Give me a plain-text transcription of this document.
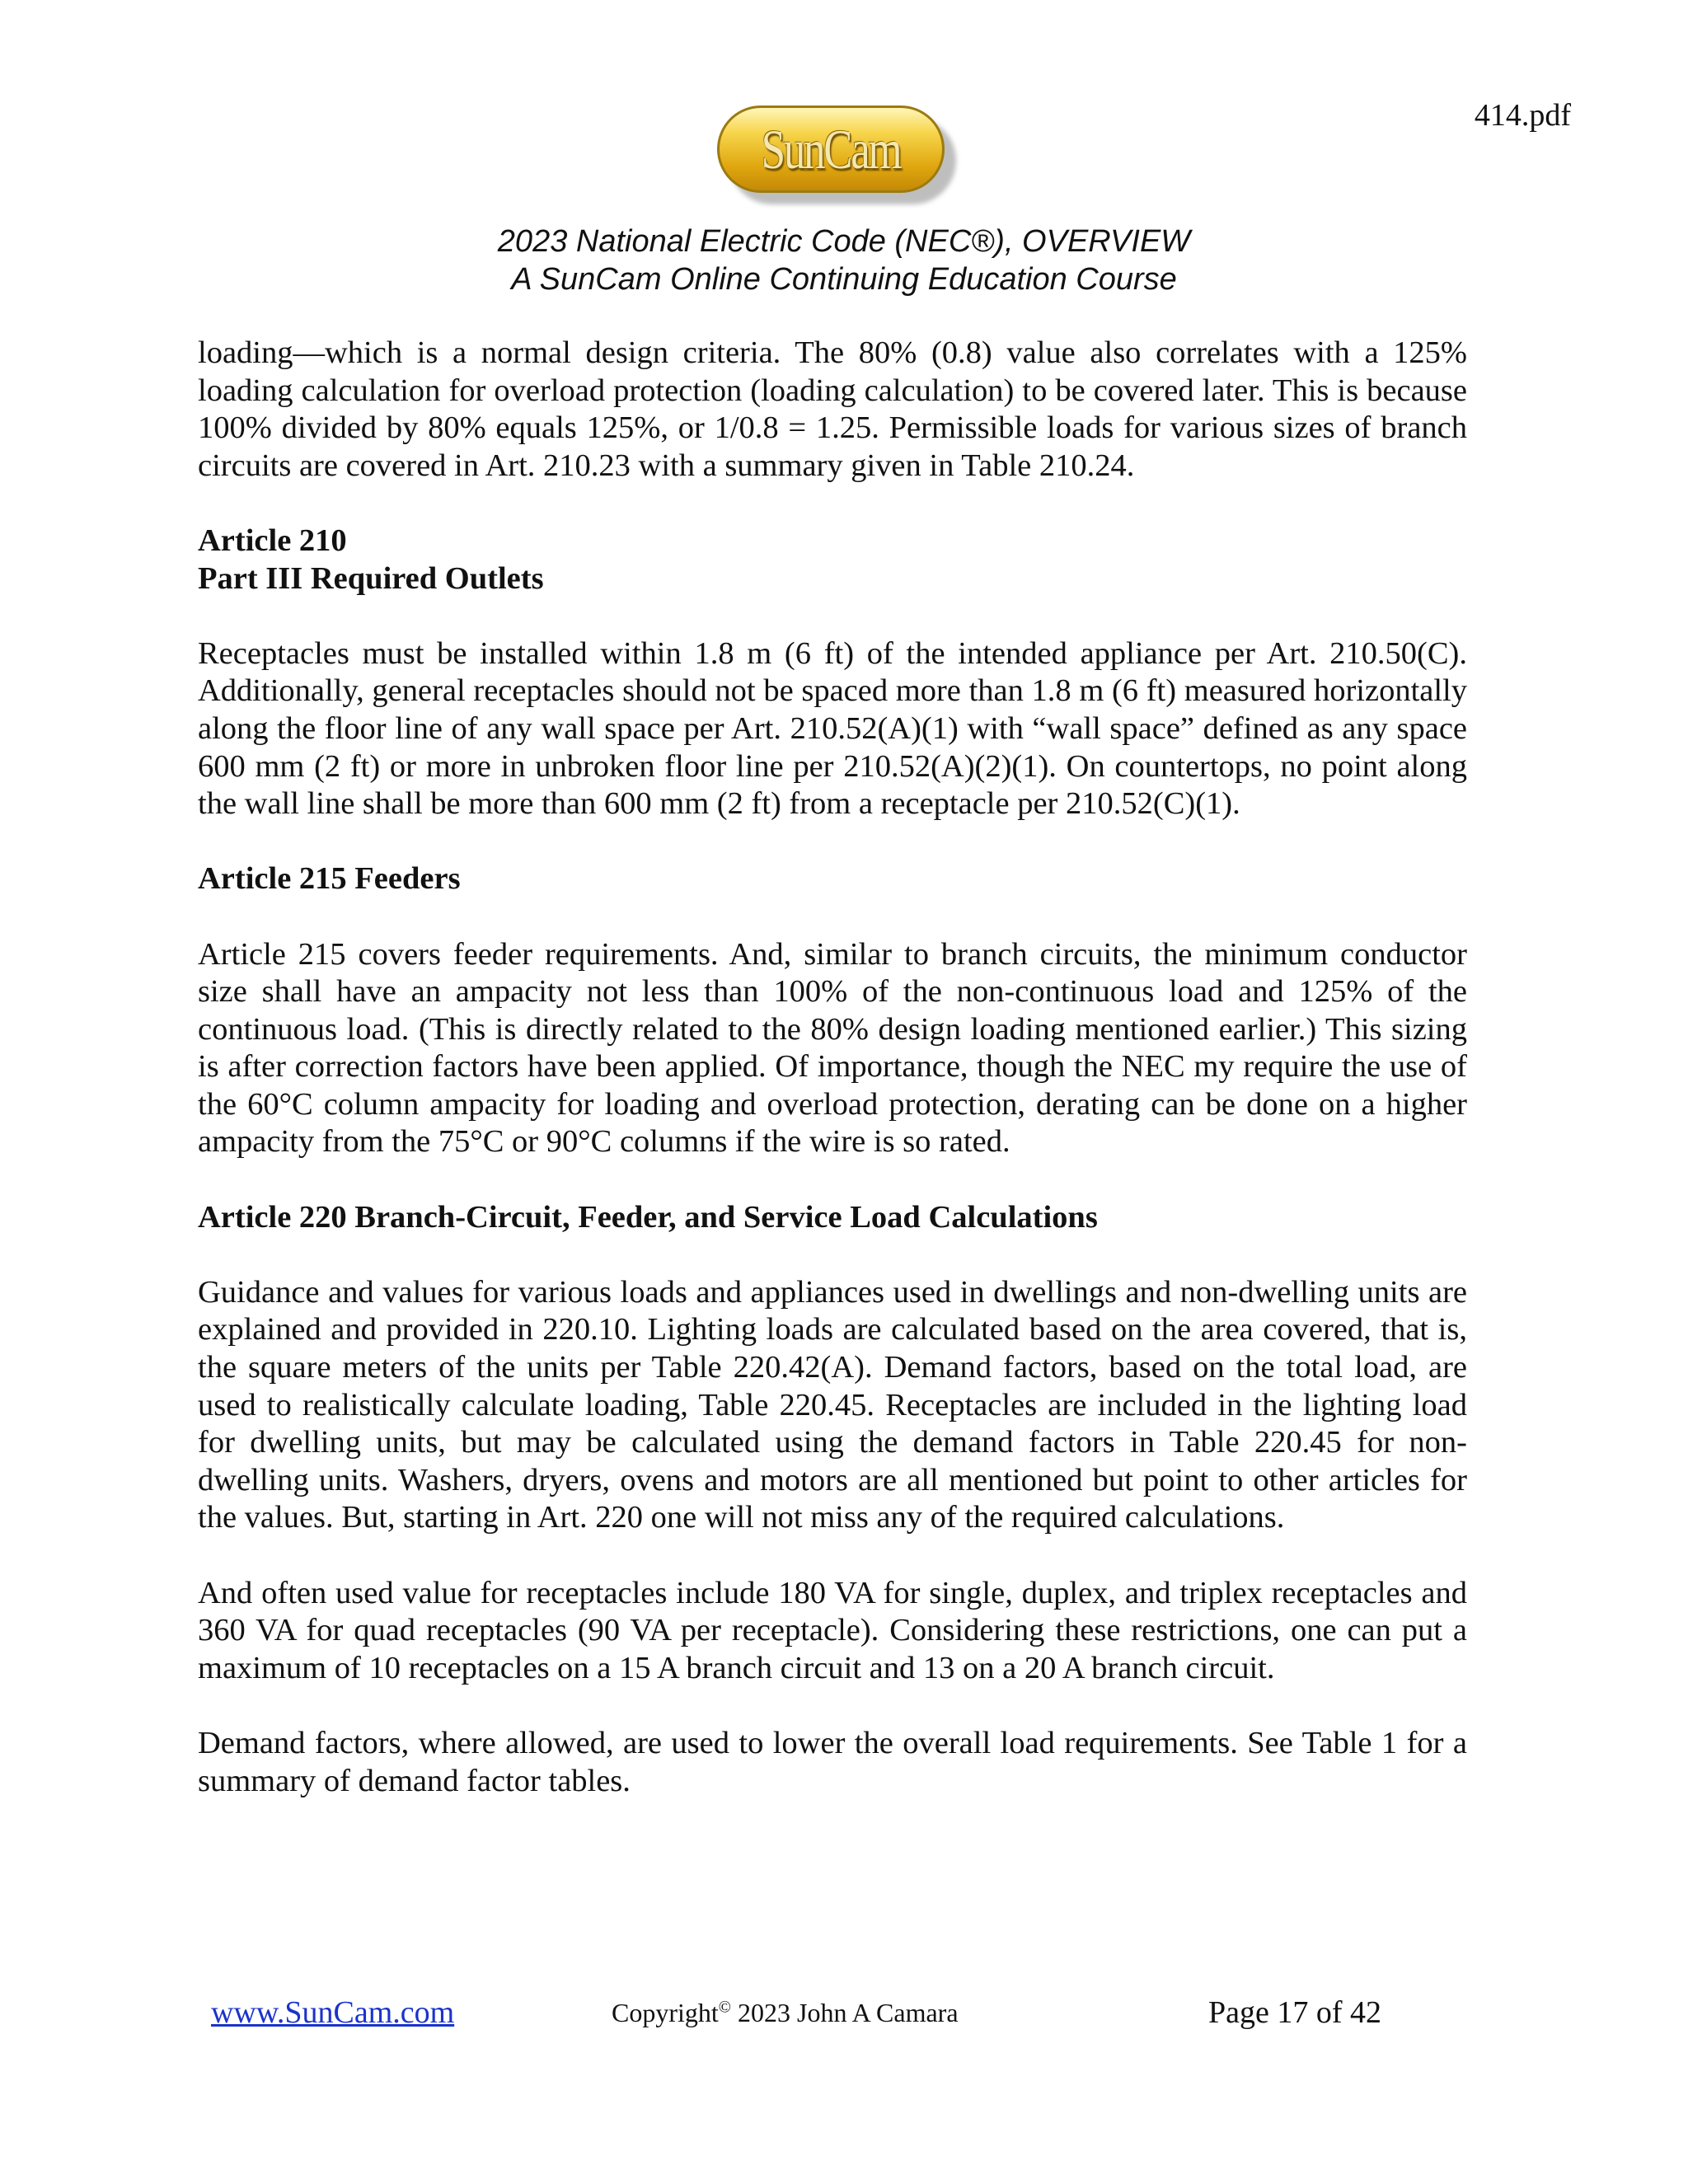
414.pdf
SunCam
2023 National Electric Code (NEC®), OVERVIEW
A SunCam Online Continuing Education Course

loading—which is a normal design criteria. The 80% (0.8) value also correlates with a 125% loading calculation for overload protection (loading calculation) to be covered later. This is because 100% divided by 80% equals 125%, or 1/0.8 = 1.25. Permissible loads for various sizes of branch circuits are covered in Art. 210.23 with a summary given in Table 210.24.

Article 210
Part III Required Outlets

Receptacles must be installed within 1.8 m (6 ft) of the intended appliance per Art. 210.50(C). Additionally, general receptacles should not be spaced more than 1.8 m (6 ft) measured horizontally along the floor line of any wall space per Art. 210.52(A)(1) with “wall space” defined as any space 600 mm (2 ft) or more in unbroken floor line per 210.52(A)(2)(1). On countertops, no point along the wall line shall be more than 600 mm (2 ft) from a receptacle per 210.52(C)(1).

Article 215 Feeders

Article 215 covers feeder requirements. And, similar to branch circuits, the minimum conductor size shall have an ampacity not less than 100% of the non-continuous load and 125% of the continuous load. (This is directly related to the 80% design loading mentioned earlier.) This sizing is after correction factors have been applied. Of importance, though the NEC my require the use of the 60°C column ampacity for loading and overload protection, derating can be done on a higher ampacity from the 75°C or 90°C columns if the wire is so rated.

Article 220 Branch-Circuit, Feeder, and Service Load Calculations

Guidance and values for various loads and appliances used in dwellings and non-dwelling units are explained and provided in 220.10. Lighting loads are calculated based on the area covered, that is, the square meters of the units per Table 220.42(A). Demand factors, based on the total load, are used to realistically calculate loading, Table 220.45. Receptacles are included in the lighting load for dwelling units, but may be calculated using the demand factors in Table 220.45 for non-dwelling units. Washers, dryers, ovens and motors are all mentioned but point to other articles for the values. But, starting in Art. 220 one will not miss any of the required calculations.

And often used value for receptacles include 180 VA for single, duplex, and triplex receptacles and 360 VA for quad receptacles (90 VA per receptacle). Considering these restrictions, one can put a maximum of 10 receptacles on a 15 A branch circuit and 13 on a 20 A branch circuit.

Demand factors, where allowed, are used to lower the overall load requirements. See Table 1 for a summary of demand factor tables.

www.SunCam.com	Copyright© 2023 John A Camara	Page 17 of 42
